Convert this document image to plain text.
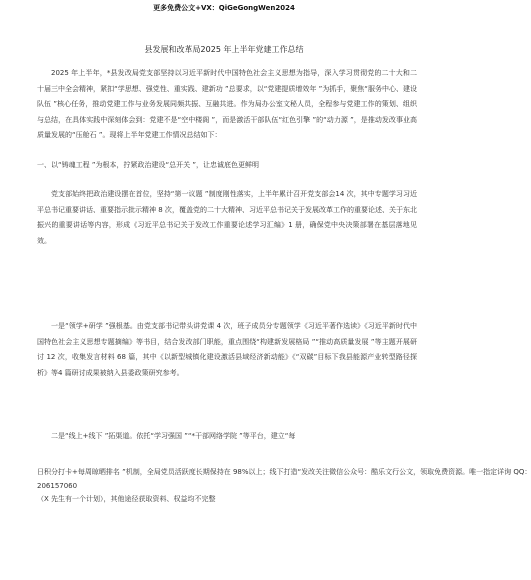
更多免费公文+VX：QiGeGongWen2024
县发展和改革局2025 年上半年党建工作总结
2025 年上半年，*县发改局党支部坚持以习近平新时代中国特色社会主义思想为指导，深入学习贯彻党的二十大和二十届三中全会精神，紧扣“学思想、强党性、重实践、建新功 ”总要求，以“党建提质增效年 ”为抓手，聚焦“服务中心、建设队伍 ”核心任务，推动党建工作与业务发展同频共振、互融共进。作为局办公室文秘人员，全程参与党建工作的策划、组织与总结，在具体实践中深刻体会到：党建不是“空中楼阁 ”，而是激活干部队伍“红色引擎 ”的“动力源 ”，是推动发改事业高质量发展的“压舱石 ”。现将上半年党建工作情况总结如下：
一、以“铸魂工程 ”为根本，拧紧政治建设“总开关 ”，让忠诚底色更鲜明
党支部始终把政治建设摆在首位，坚持“第一议题 ”制度刚性落实，上半年累计召开党支部会14 次，其中专题学习习近平总书记重要讲话、重要指示批示精神 8 次，覆盖党的二十大精神、习近平总书记关于发展改革工作的重要论述、关于东北振兴的重要讲话等内容，形成《习近平总书记关于发改工作重要论述学习汇编》1 册，确保党中央决策部署在基层落地见效。
一是“领学+研学 ”强根基。由党支部书记带头讲党课 4 次，班子成员分专题领学《习近平著作选读》《习近平新时代中国特色社会主义思想专题摘编》等书目，结合发改部门职能，重点围绕“构建新发展格局 ”“推动高质量发展 ”等主题开展研讨 12 次，收集发言材料 68 篇，其中《以新型城镇化建设激活县域经济新动能》《“双碳”目标下我县能源产业转型路径探析》等4 篇研讨成果被纳入县委政策研究参考。
二是“线上+线下 ”拓渠道。依托“学习强国 ”“*干部网络学院 ”等平台，建立“每
日积分打卡+每周晾晒排名 ”机制，全局党员活跃度长期保持在 98%以上；线下打造“发改关注微信公众号：酷乐文行公文，领取免费资源。唯一指定详询 QQ：
206157060
（X 先生有一个计划），其他途径获取资料、权益均不完整
